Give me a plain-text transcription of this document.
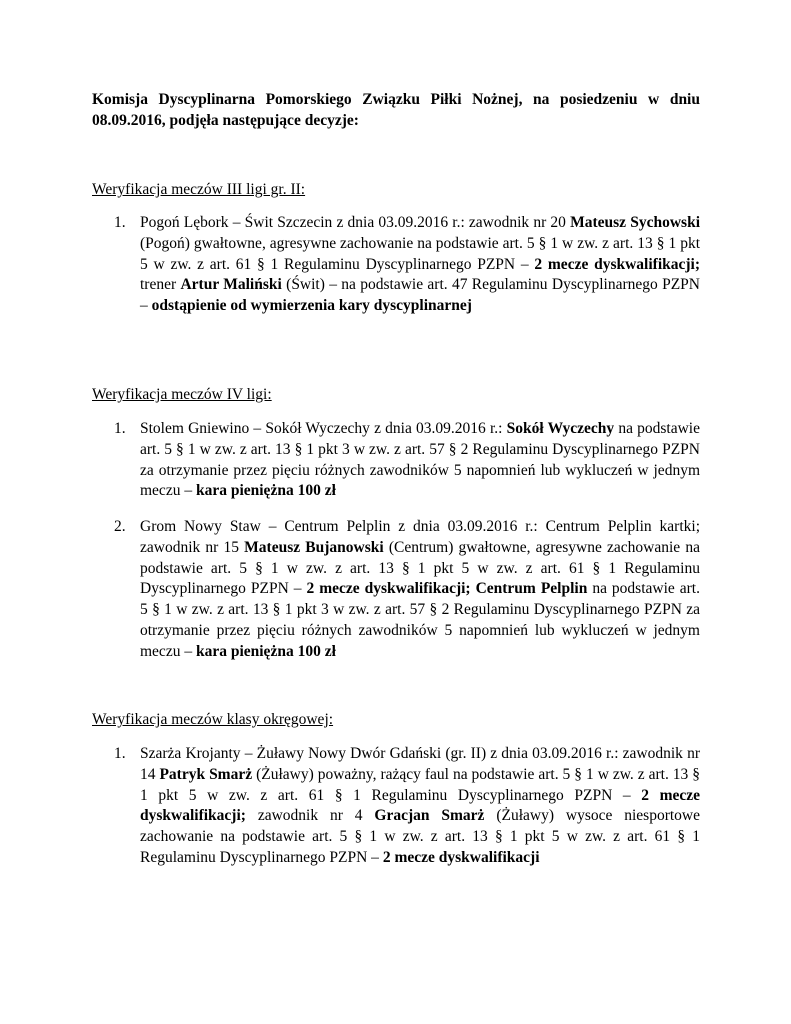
Komisja Dyscyplinarna Pomorskiego Związku Piłki Nożnej, na posiedzeniu w dniu 08.09.2016, podjęła następujące decyzje:
Weryfikacja meczów III ligi gr. II:
1. Pogoń Lębork – Świt Szczecin z dnia 03.09.2016 r.: zawodnik nr 20 Mateusz Sychowski (Pogoń) gwałtowne, agresywne zachowanie na podstawie art. 5 § 1 w zw. z art. 13 § 1 pkt 5 w zw. z art. 61 § 1 Regulaminu Dyscyplinarnego PZPN – 2 mecze dyskwalifikacji; trener Artur Maliński (Świt) – na podstawie art. 47 Regulaminu Dyscyplinarnego PZPN – odstąpienie od wymierzenia kary dyscyplinarnej
Weryfikacja meczów IV ligi:
1. Stolem Gniewino – Sokół Wyczechy z dnia 03.09.2016 r.: Sokół Wyczechy na podstawie art. 5 § 1 w zw. z art. 13 § 1 pkt 3 w zw. z art. 57 § 2 Regulaminu Dyscyplinarnego PZPN za otrzymanie przez pięciu różnych zawodników 5 napomnień lub wykluczeń w jednym meczu – kara pieniężna 100 zł
2. Grom Nowy Staw – Centrum Pelplin z dnia 03.09.2016 r.: Centrum Pelplin kartki; zawodnik nr 15 Mateusz Bujanowski (Centrum) gwałtowne, agresywne zachowanie na podstawie art. 5 § 1 w zw. z art. 13 § 1 pkt 5 w zw. z art. 61 § 1 Regulaminu Dyscyplinarnego PZPN – 2 mecze dyskwalifikacji; Centrum Pelplin na podstawie art. 5 § 1 w zw. z art. 13 § 1 pkt 3 w zw. z art. 57 § 2 Regulaminu Dyscyplinarnego PZPN za otrzymanie przez pięciu różnych zawodników 5 napomnień lub wykluczeń w jednym meczu – kara pieniężna 100 zł
Weryfikacja meczów klasy okręgowej:
1. Szarża Krojanty – Żuławy Nowy Dwór Gdański (gr. II) z dnia 03.09.2016 r.: zawodnik nr 14 Patryk Smarż (Żuławy) poważny, rażący faul na podstawie art. 5 § 1 w zw. z art. 13 § 1 pkt 5 w zw. z art. 61 § 1 Regulaminu Dyscyplinarnego PZPN – 2 mecze dyskwalifikacji; zawodnik nr 4 Gracjan Smarż (Żuławy) wysoce niesportowe zachowanie na podstawie art. 5 § 1 w zw. z art. 13 § 1 pkt 5 w zw. z art. 61 § 1 Regulaminu Dyscyplinarnego PZPN – 2 mecze dyskwalifikacji
